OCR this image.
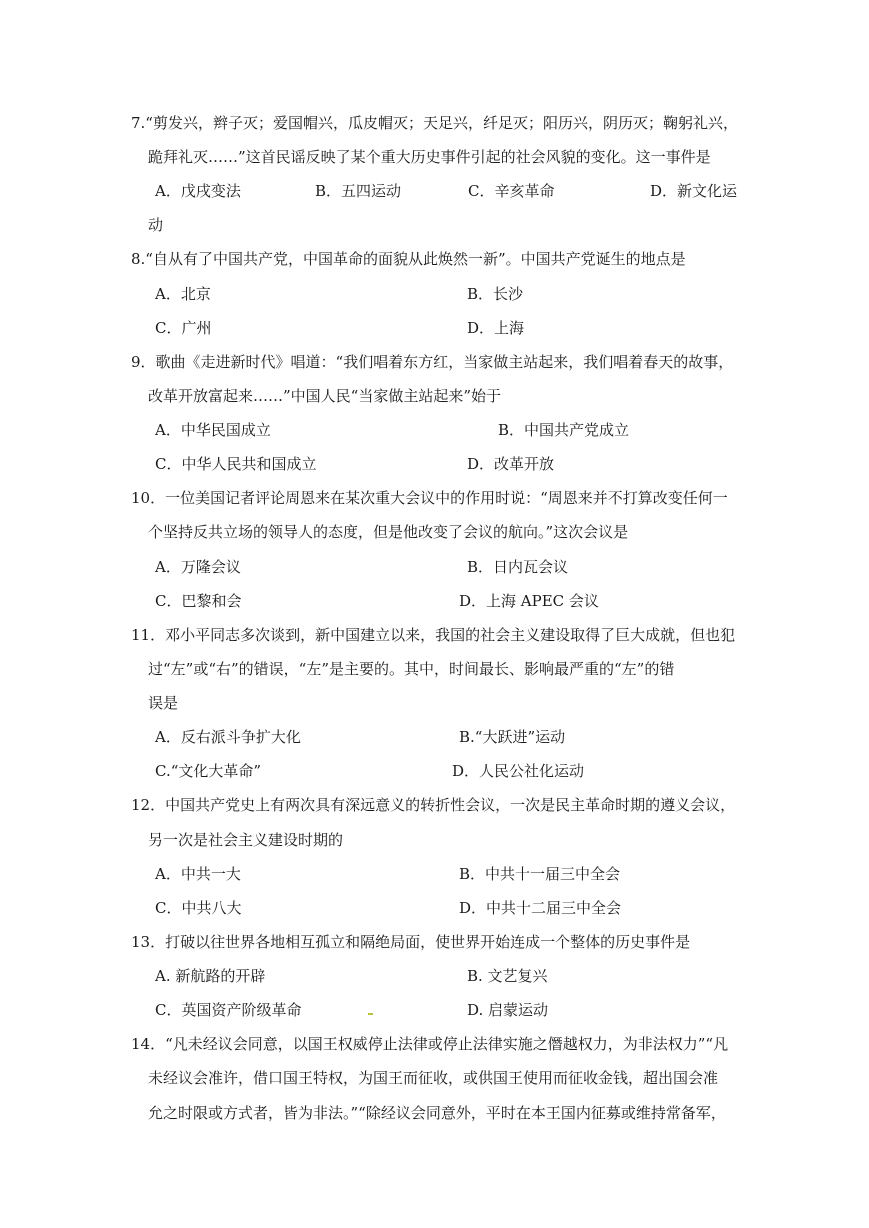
7.“剪发兴，辫子灭；爱国帽兴，瓜皮帽灭；天足兴，纤足灭；阳历兴，阴历灭；鞠躬礼兴，
跪拜礼灭……”这首民谣反映了某个重大历史事件引起的社会风貌的变化。这一事件是
A．戊戌变法	B．五四运动	C．辛亥革命	D．新文化运
动
8.“自从有了中国共产党，中国革命的面貌从此焕然一新”。中国共产党诞生的地点是
A．北京	B．长沙
C．广州	D．上海
9．歌曲《走进新时代》唱道：“我们唱着东方红，当家做主站起来，我们唱着春天的故事，
改革开放富起来……”中国人民“当家做主站起来”始于
A．中华民国成立	B．中国共产党成立
C．中华人民共和国成立	D．改革开放
10．一位美国记者评论周恩来在某次重大会议中的作用时说：“周恩来并不打算改变任何一
个坚持反共立场的领导人的态度，但是他改变了会议的航向。”这次会议是
A．万隆会议	B．日内瓦会议
C．巴黎和会	D．上海 APEC 会议
11．邓小平同志多次谈到，新中国建立以来，我国的社会主义建设取得了巨大成就，但也犯
过“左”或“右”的错误，“左”是主要的。其中，时间最长、影响最严重的“左”的错
误是
A．反右派斗争扩大化	B.“大跃进”运动
C.“文化大革命”	D．人民公社化运动
12．中国共产党史上有两次具有深远意义的转折性会议，一次是民主革命时期的遵义会议，
另一次是社会主义建设时期的
A．中共一大	B．中共十一届三中全会
C．中共八大	D．中共十二届三中全会
13．打破以往世界各地相互孤立和隔绝局面，使世界开始连成一个整体的历史事件是
A. 新航路的开辟	B. 文艺复兴
C．英国资产阶级革命	D. 启蒙运动
14．“凡未经议会同意，以国王权威停止法律或停止法律实施之僭越权力，为非法权力”“凡
未经议会准许，借口国王特权，为国王而征收，或供国王使用而征收金钱，超出国会准
允之时限或方式者，皆为非法。”“除经议会同意外，平时在本王国内征募或维持常备军，
